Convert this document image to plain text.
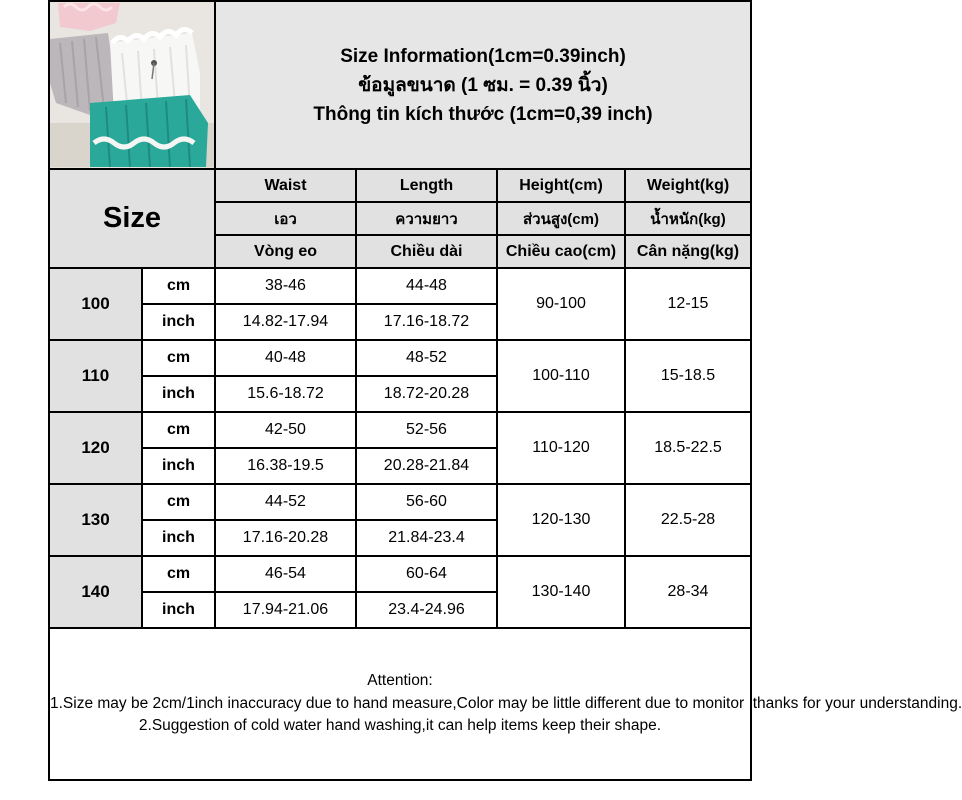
Size Information(1cm=0.39inch)
ข้อมูลขนาด (1 ซม. = 0.39 นิ้ว)
Thông tin kích thước (1cm=0,39 inch)			

Size		Waist	Length	Height(cm)	Weight(kg)
		เอว	ความยาว	ส่วนสูง(cm)	น้ำหนัก(kg)
		Vòng eo	Chiều dài	Chiều cao(cm)	Cân nặng(kg)
100	cm	38-46	44-48	90-100	12-15
	inch	14.82-17.94	17.16-18.72		
110	cm	40-48	48-52	100-110	15-18.5
	inch	15.6-18.72	18.72-20.28		
120	cm	42-50	52-56	110-120	18.5-22.5
	inch	16.38-19.5	20.28-21.84		
130	cm	44-52	56-60	120-130	22.5-28
	inch	17.16-20.28	21.84-23.4		
140	cm	46-54	60-64	130-140	28-34
	inch	17.94-21.06	23.4-24.96		

Attention:
1.Size may be 2cm/1inch inaccuracy due to hand measure,Color may be little different due to monitor ,thanks for your understanding.
2.Suggestion of cold water hand washing,it can help items keep their shape.					
